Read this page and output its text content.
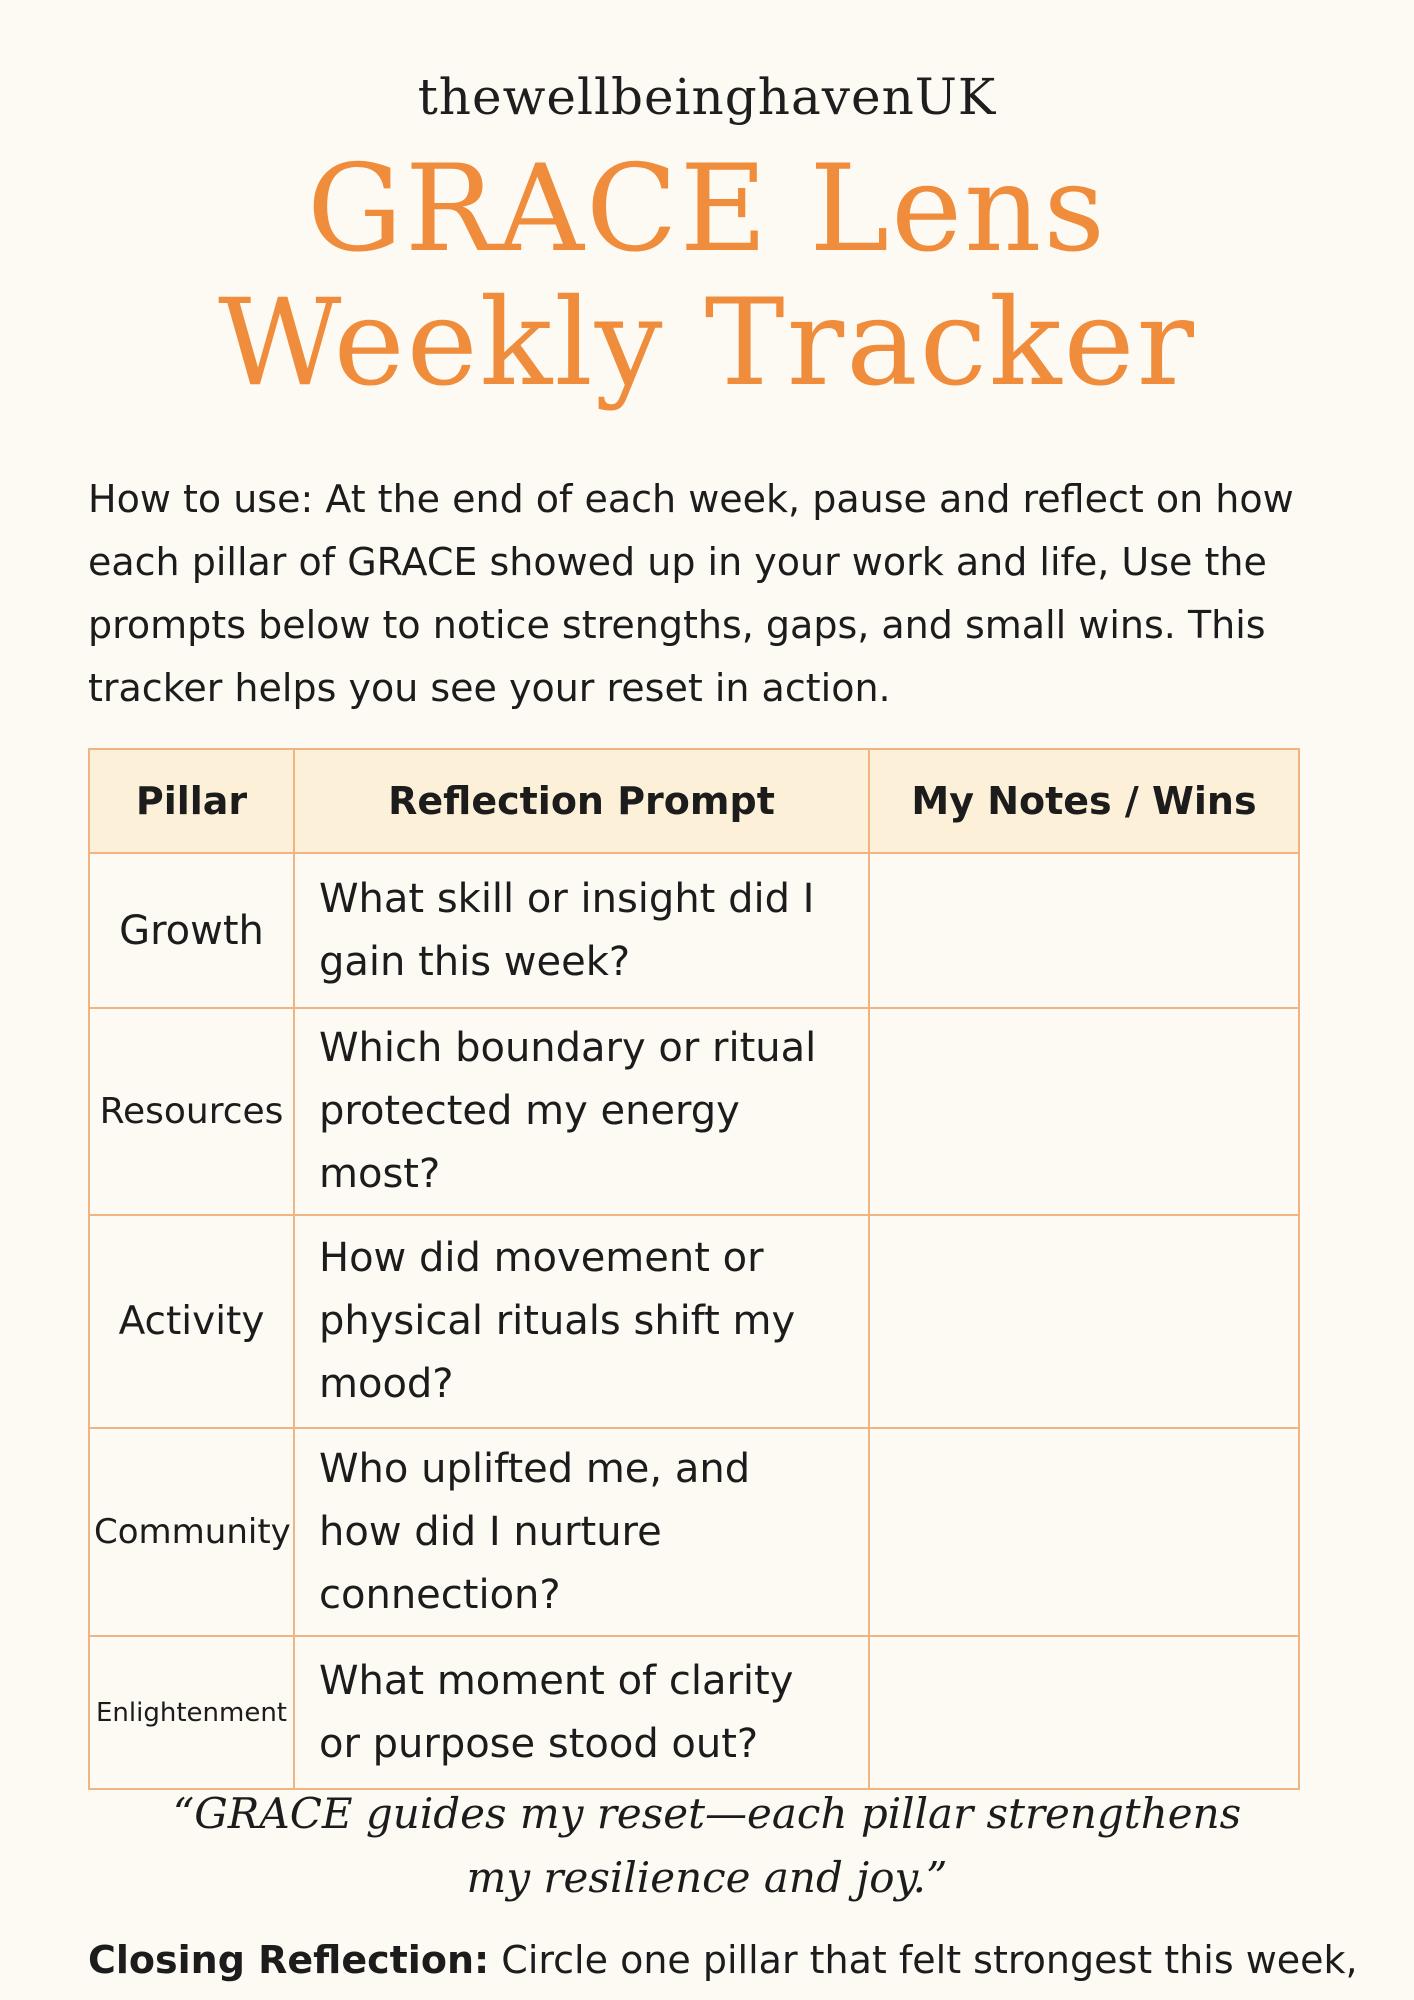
thewellbeinghavenUK
GRACE Lens
Weekly Tracker
How to use: At the end of each week, pause and reflect on how each pillar of GRACE showed up in your work and life, Use the prompts below to notice strengths, gaps, and small wins. This tracker helps you see your reset in action.
Pillar	Reflection Prompt	My Notes / Wins
Growth	What skill or insight did I gain this week?	
Resources	Which boundary or ritual protected my energy most?	
Activity	How did movement or physical rituals shift my mood?	
Community	Who uplifted me, and how did I nurture connection?	
Enlightenment	What moment of clarity or purpose stood out?	
“GRACE guides my reset—each pillar strengthens
my resilience and joy.”
Closing Reflection: Circle one pillar that felt strongest this week,
